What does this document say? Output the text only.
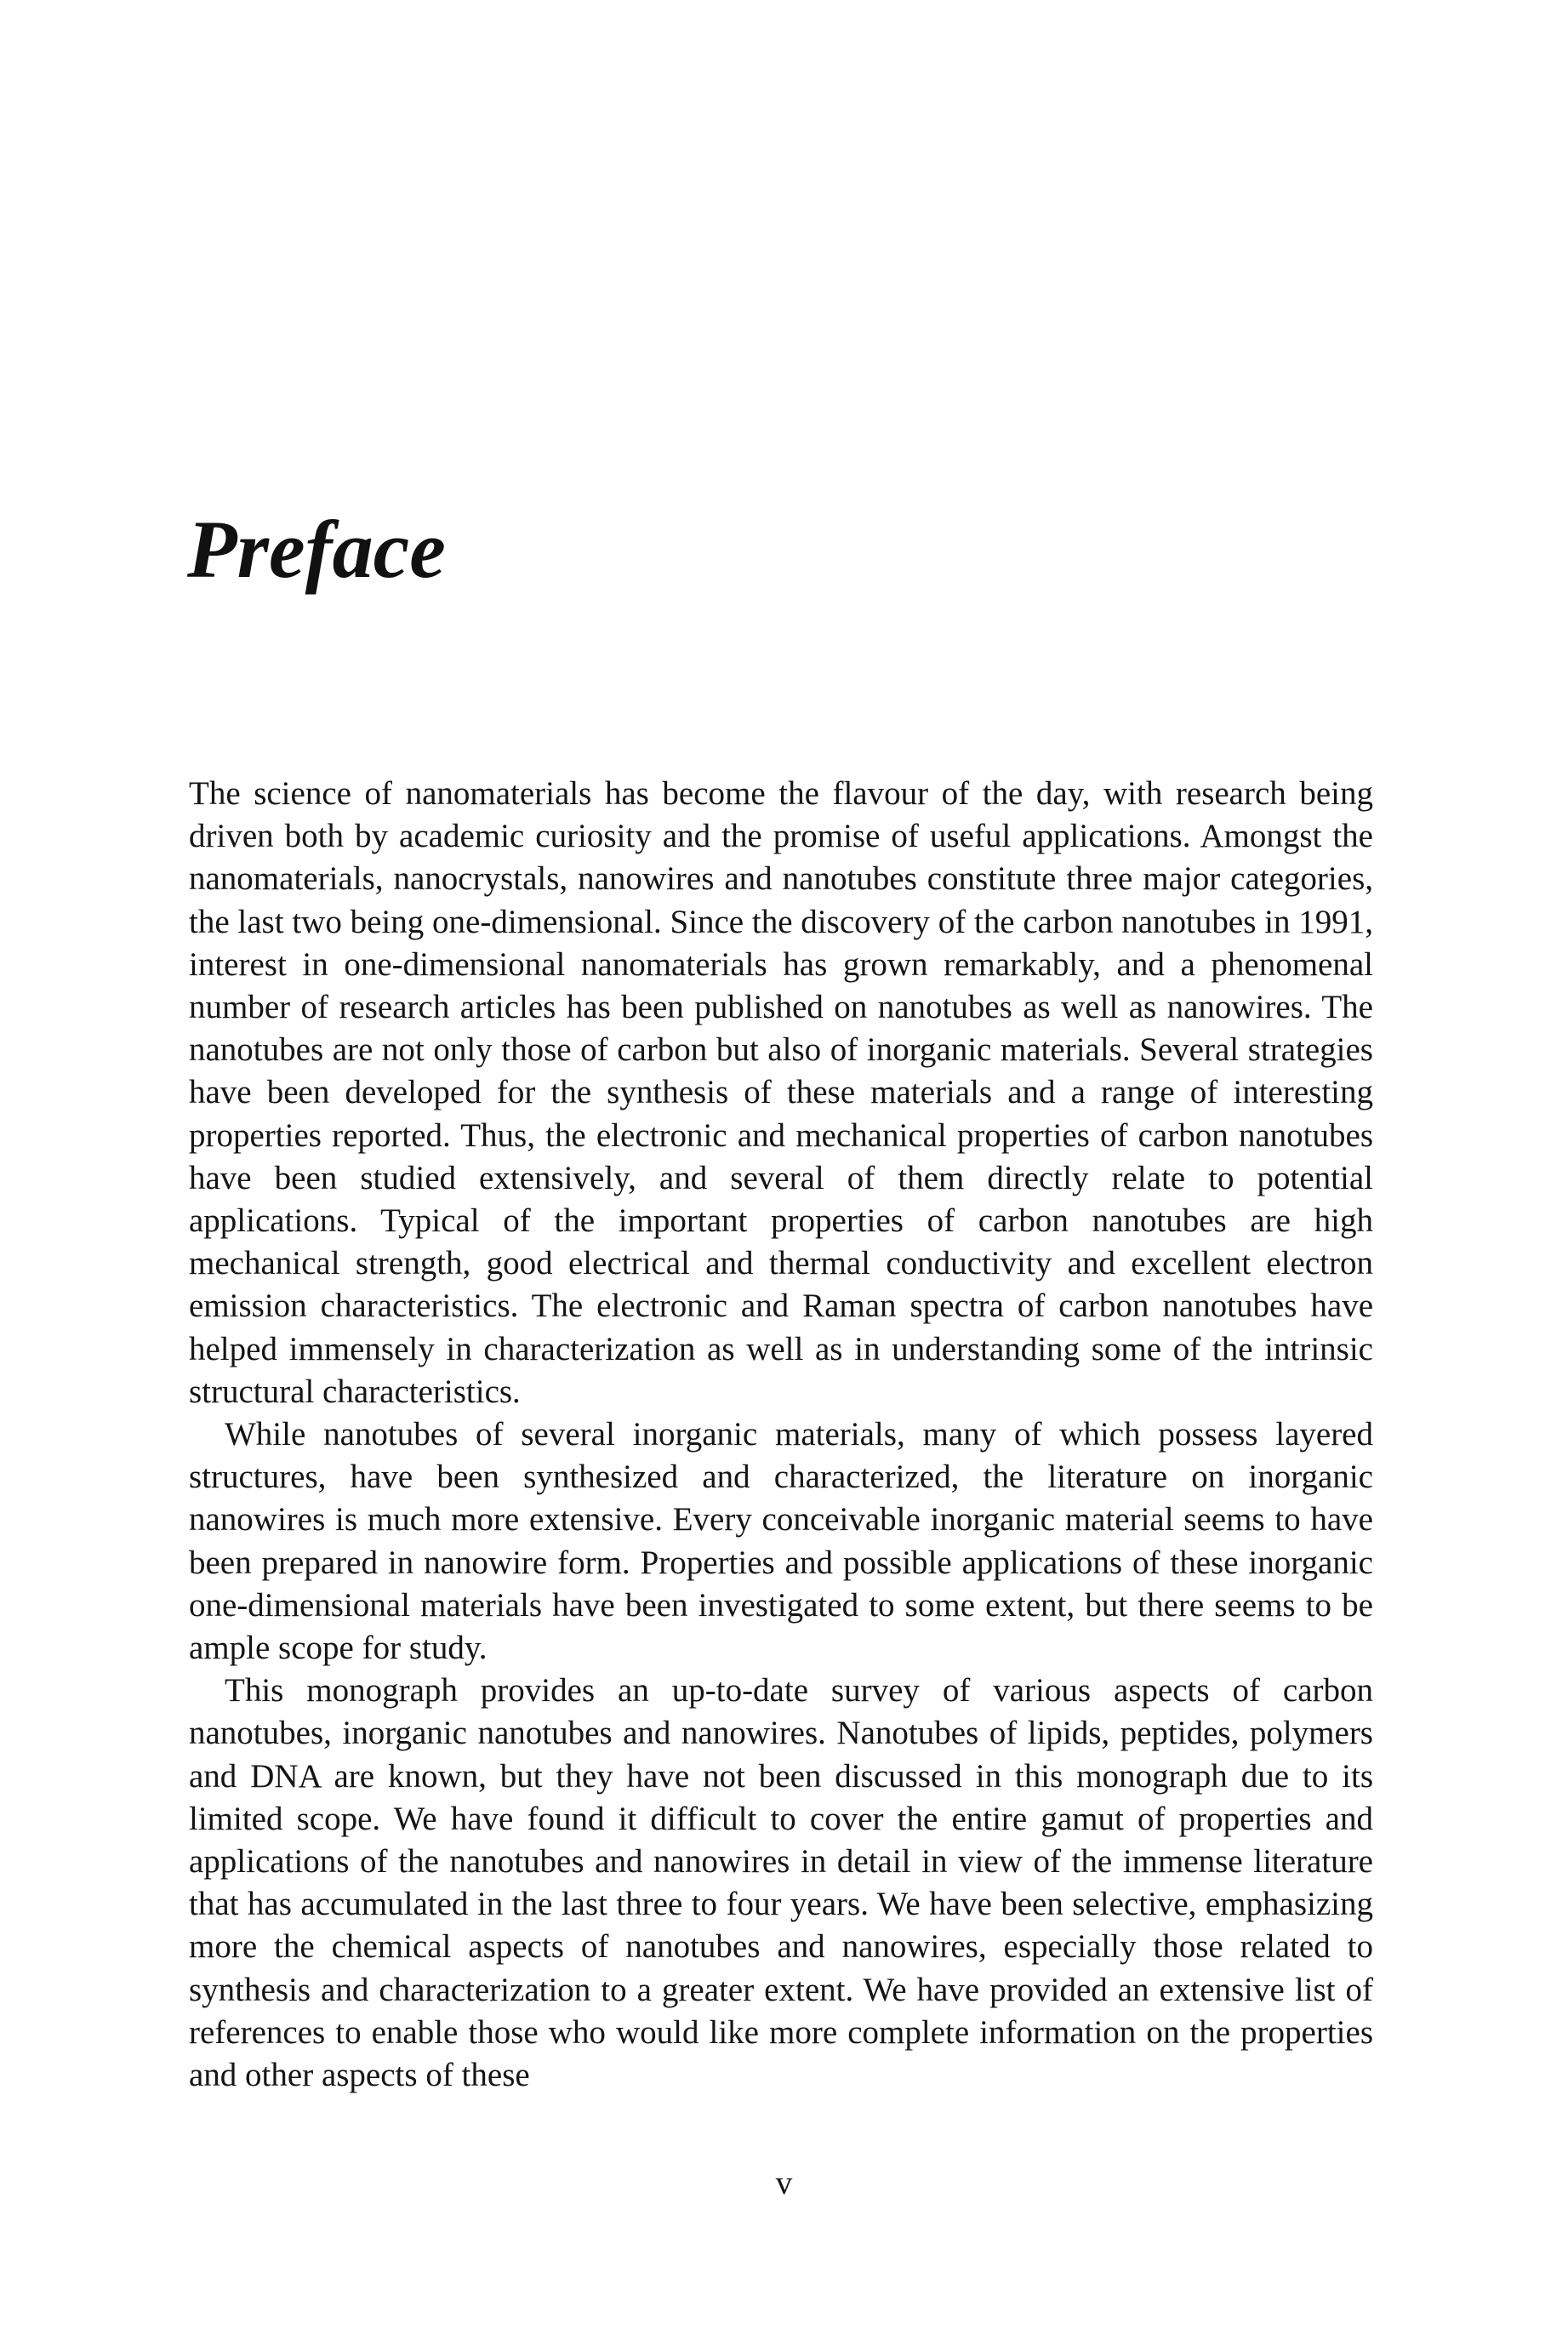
Preface

The science of nanomaterials has become the flavour of the day, with research being driven both by academic curiosity and the promise of useful applications. Amongst the nanomaterials, nanocrystals, nanowires and nanotubes constitute three major categories, the last two being one-dimensional. Since the discovery of the carbon nanotubes in 1991, interest in one-dimensional nanomaterials has grown remarkably, and a phenomenal number of research articles has been published on nanotubes as well as nanowires. The nanotubes are not only those of carbon but also of inorganic materials. Several strategies have been developed for the synthesis of these materials and a range of interesting properties reported. Thus, the electronic and mechanical properties of carbon nanotubes have been studied extensively, and several of them directly relate to potential applications. Typical of the important properties of carbon nanotubes are high mechanical strength, good electrical and thermal conductivity and excellent electron emission characteristics. The electronic and Raman spectra of carbon nanotubes have helped immensely in characterization as well as in understanding some of the intrinsic structural characteristics.

While nanotubes of several inorganic materials, many of which possess layered structures, have been synthesized and characterized, the literature on inorganic nanowires is much more extensive. Every conceivable inorganic material seems to have been prepared in nanowire form. Properties and possible applications of these inorganic one-dimensional materials have been investigated to some extent, but there seems to be ample scope for study.

This monograph provides an up-to-date survey of various aspects of carbon nanotubes, inorganic nanotubes and nanowires. Nanotubes of lipids, peptides, polymers and DNA are known, but they have not been discussed in this monograph due to its limited scope. We have found it difficult to cover the entire gamut of properties and applications of the nanotubes and nanowires in detail in view of the immense literature that has accumulated in the last three to four years. We have been selective, emphasizing more the chemical aspects of nanotubes and nanowires, especially those related to synthesis and characterization to a greater extent. We have provided an extensive list of references to enable those who would like more complete information on the properties and other aspects of these

v
